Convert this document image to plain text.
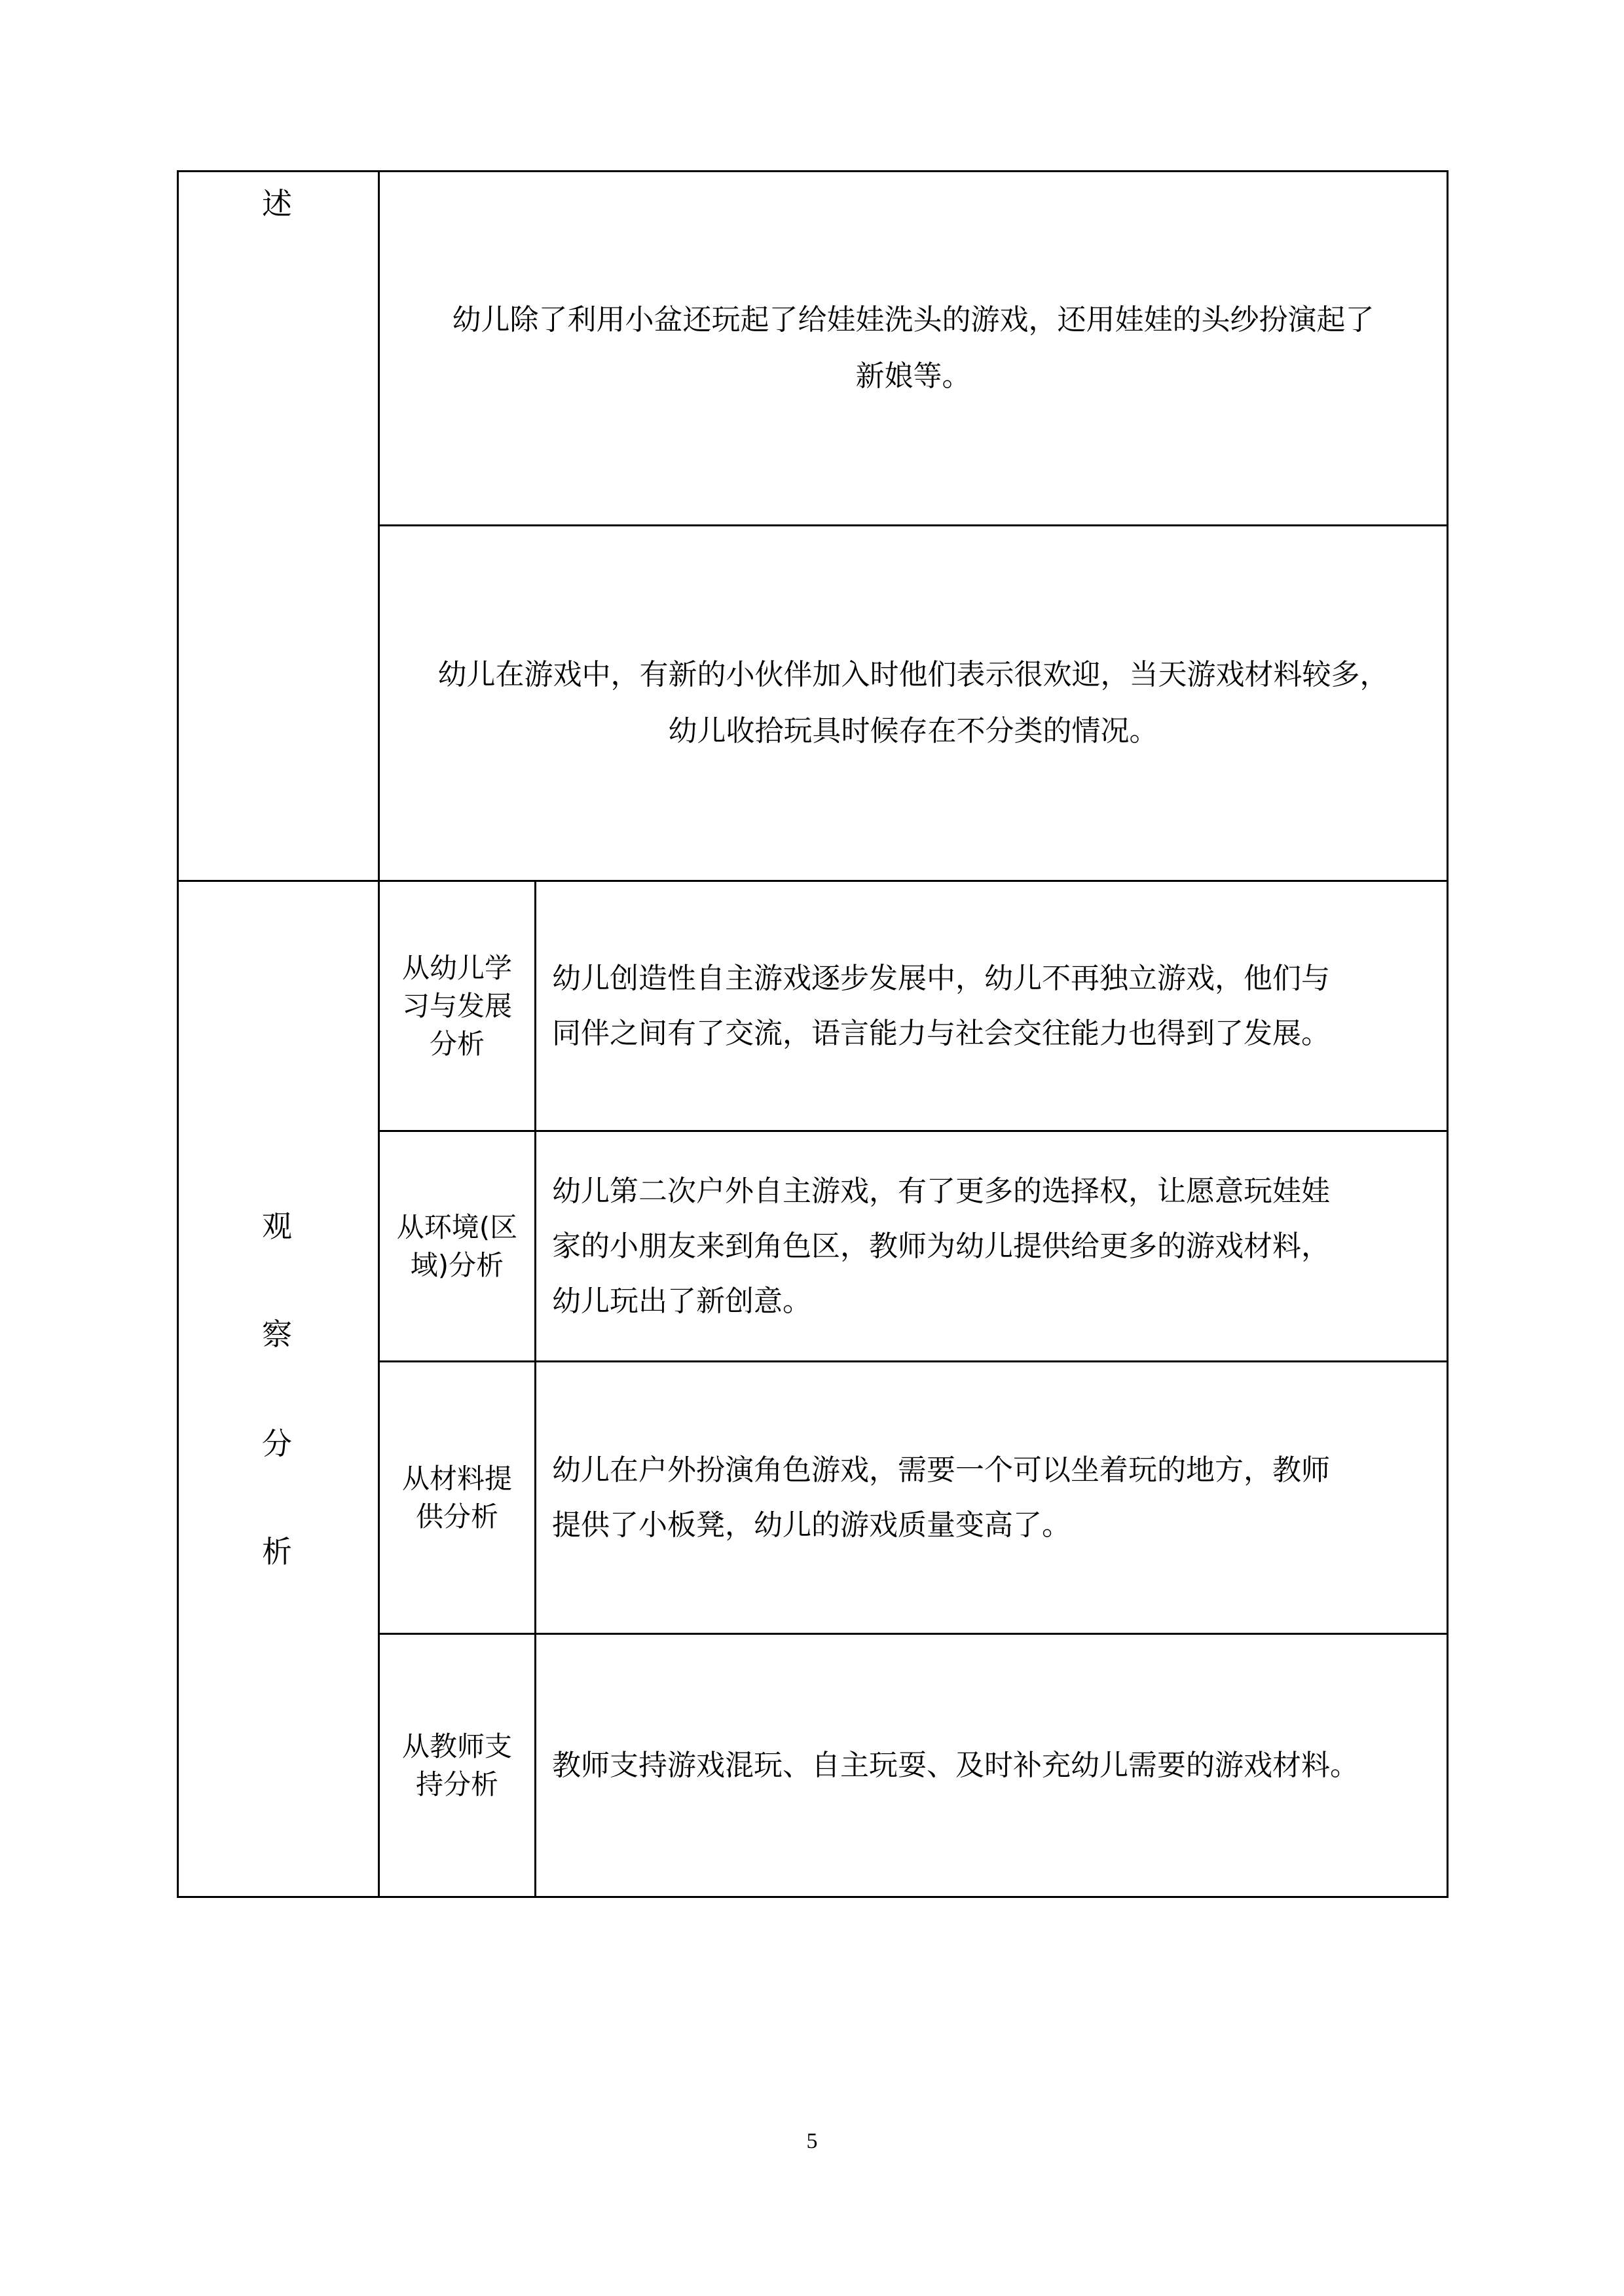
述
幼儿除了利用小盆还玩起了给娃娃洗头的游戏，还用娃娃的头纱扮演起了
新娘等。
幼儿在游戏中，有新的小伙伴加入时他们表示很欢迎，当天游戏材料较多，
幼儿收拾玩具时候存在不分类的情况。
观
察
分
析
从幼儿学
习与发展
分析
幼儿创造性自主游戏逐步发展中，幼儿不再独立游戏，他们与
同伴之间有了交流，语言能力与社会交往能力也得到了发展。
从环境(区
域)分析
幼儿第二次户外自主游戏，有了更多的选择权，让愿意玩娃娃
家的小朋友来到角色区，教师为幼儿提供给更多的游戏材料，
幼儿玩出了新创意。
从材料提
供分析
幼儿在户外扮演角色游戏，需要一个可以坐着玩的地方，教师
提供了小板凳，幼儿的游戏质量变高了。
从教师支
持分析
教师支持游戏混玩、自主玩耍、及时补充幼儿需要的游戏材料。
5
